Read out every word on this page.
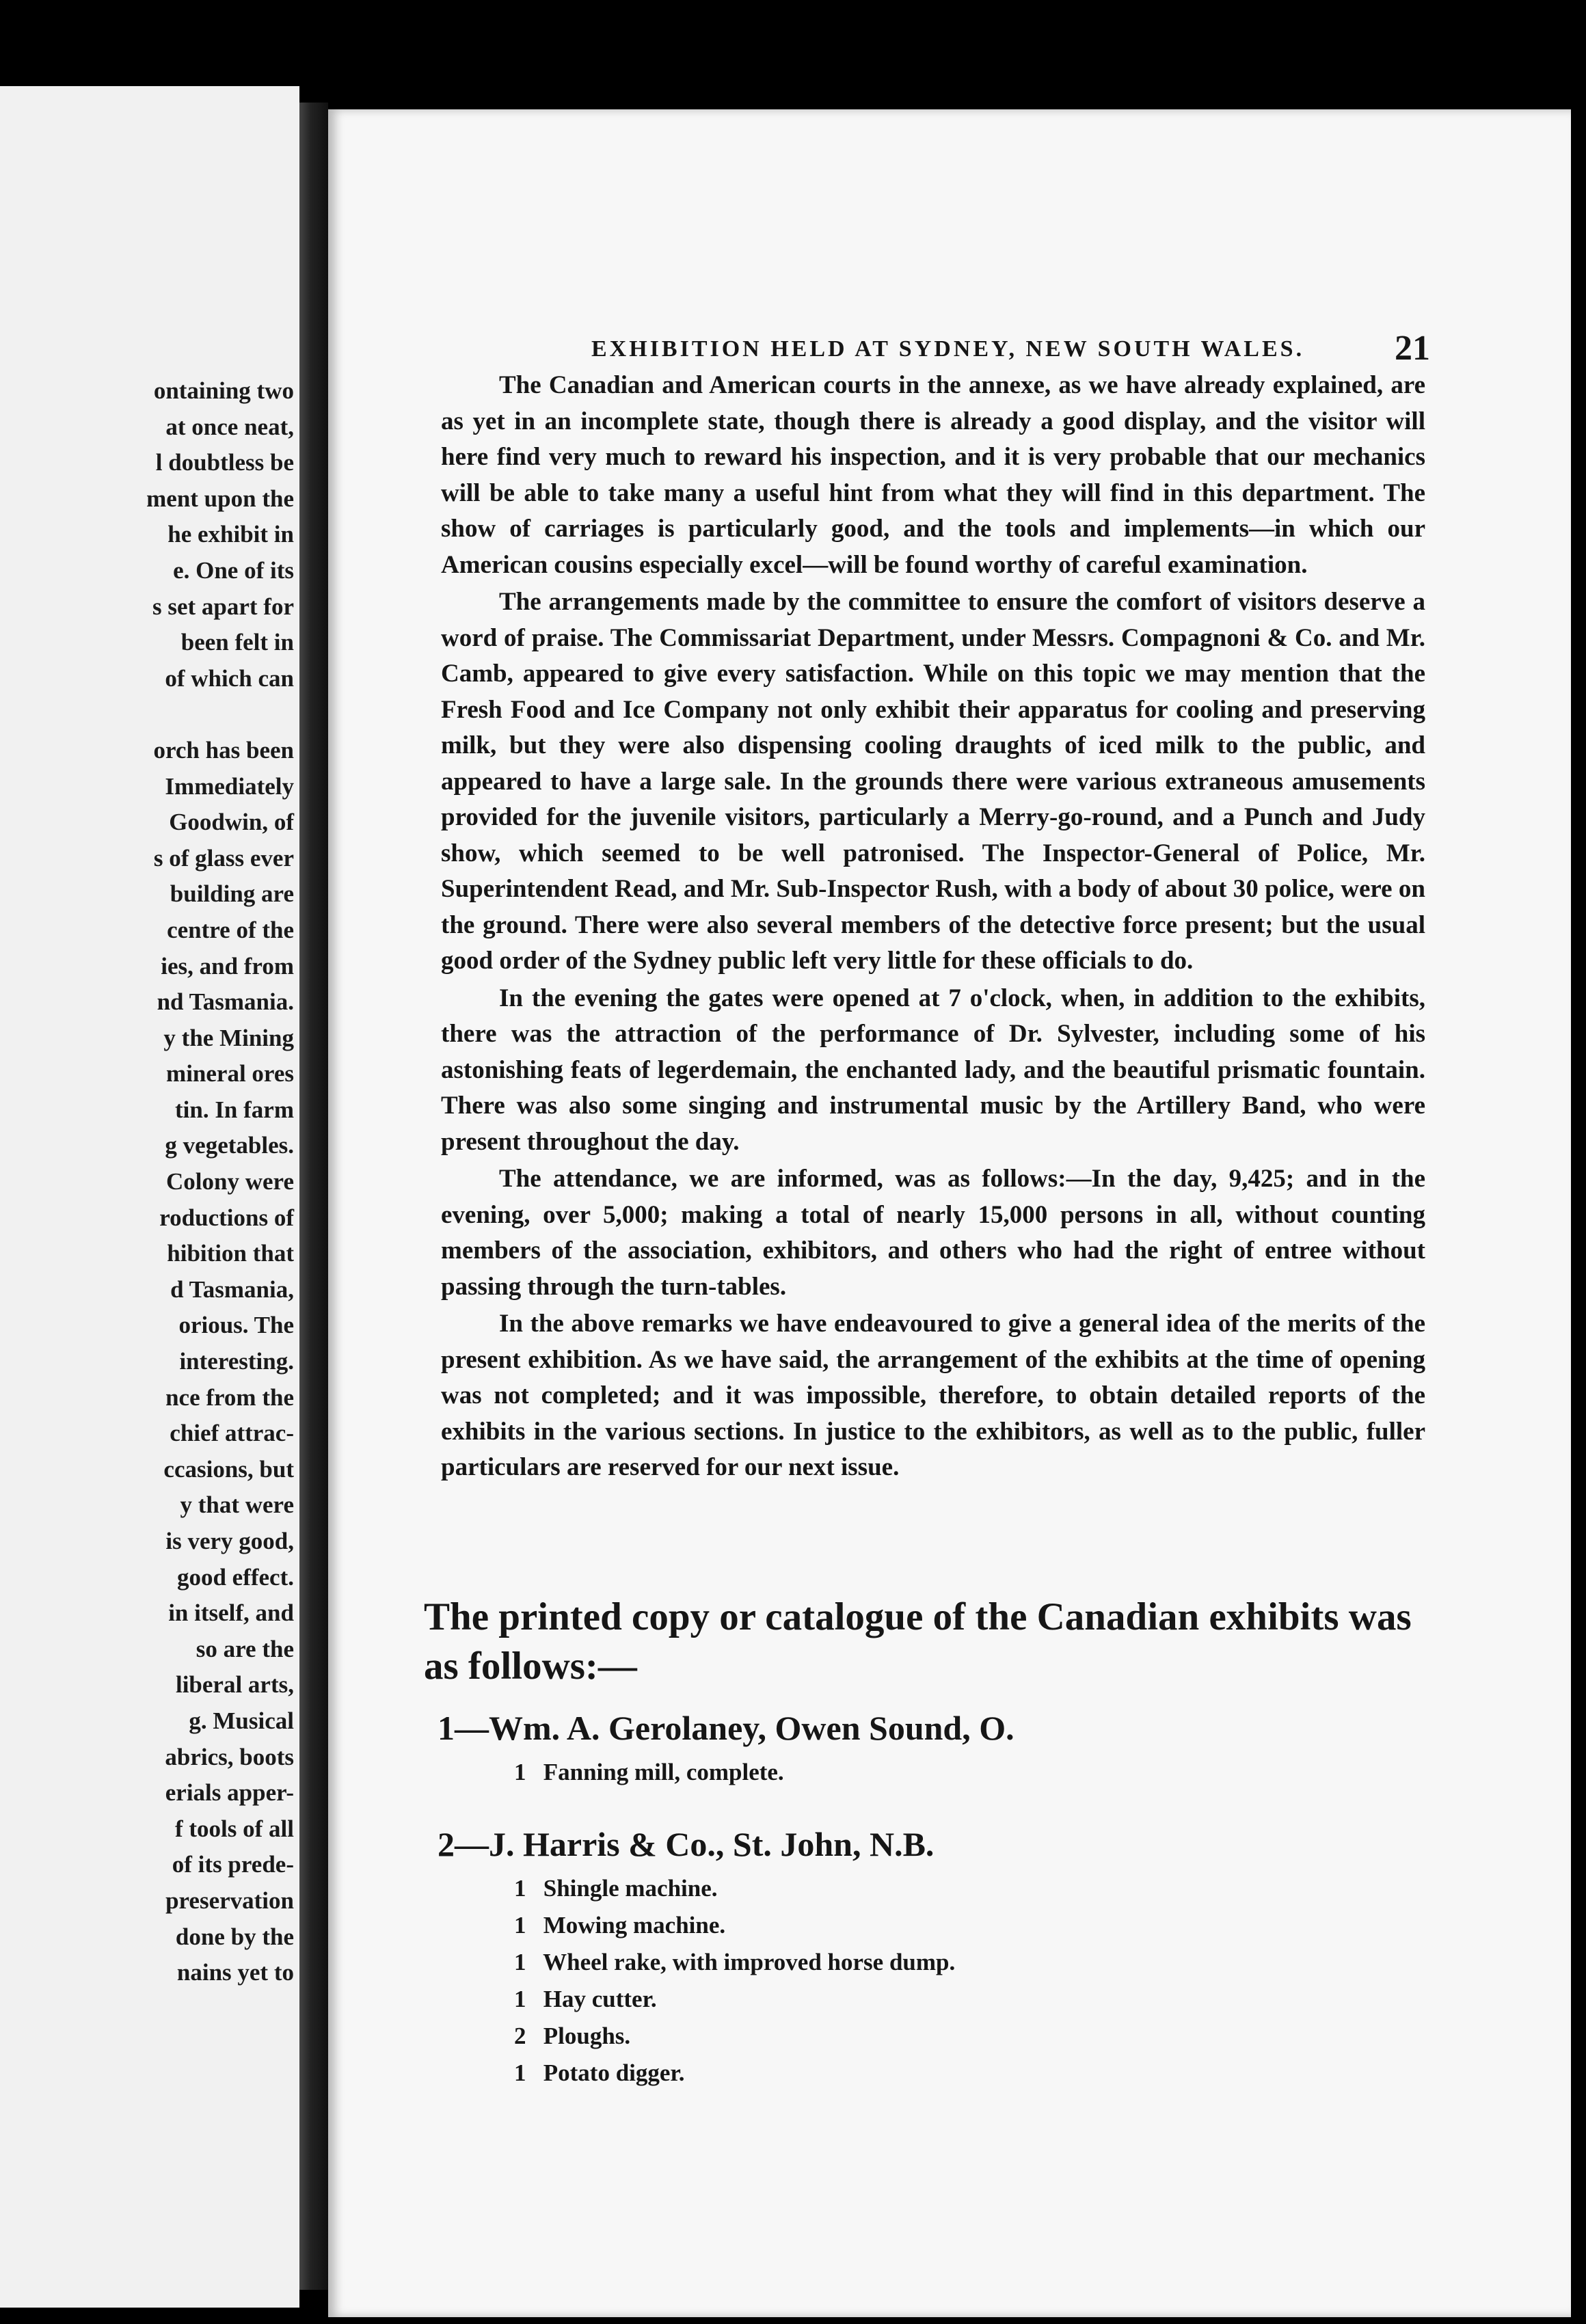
ontaining two
at once neat,
l doubtless be
ment upon the
he exhibit in
e. One of its
s set apart for
been felt in
of which can
orch has been
Immediately
Goodwin, of
s of glass ever
building are
centre of the
ies, and from
nd Tasmania.
y the Mining
mineral ores
tin. In farm
g vegetables.
Colony were
roductions of
hibition that
d Tasmania,
orious. The
interesting.
nce from the
chief attrac-
ccasions, but
y that were
is very good,
good effect.
in itself, and
so are the
liberal arts,
g. Musical
abrics, boots
erials apper-
f tools of all
of its prede-
preservation
done by the
nains yet to
EXHIBITION HELD AT SYDNEY, NEW SOUTH WALES.	21

The Canadian and American courts in the annexe, as we have already explained, are as yet in an incomplete state, though there is already a good display, and the visitor will here find very much to reward his inspection, and it is very probable that our mechanics will be able to take many a useful hint from what they will find in this department. The show of carriages is particularly good, and the tools and implements—in which our American cousins especially excel—will be found worthy of careful examination.

The arrangements made by the committee to ensure the comfort of visitors deserve a word of praise. The Commissariat Department, under Messrs. Compagnoni & Co. and Mr. Camb, appeared to give every satisfaction. While on this topic we may mention that the Fresh Food and Ice Company not only exhibit their apparatus for cooling and preserving milk, but they were also dispensing cooling draughts of iced milk to the public, and appeared to have a large sale. In the grounds there were various extraneous amusements provided for the juvenile visitors, particularly a Merry-go-round, and a Punch and Judy show, which seemed to be well patronised. The Inspector-General of Police, Mr. Superintendent Read, and Mr. Sub-Inspector Rush, with a body of about 30 police, were on the ground. There were also several members of the detective force present; but the usual good order of the Sydney public left very little for these officials to do.

In the evening the gates were opened at 7 o'clock, when, in addition to the exhibits, there was the attraction of the performance of Dr. Sylvester, including some of his astonishing feats of legerdemain, the enchanted lady, and the beautiful prismatic fountain. There was also some singing and instrumental music by the Artillery Band, who were present throughout the day.

The attendance, we are informed, was as follows:—In the day, 9,425; and in the evening, over 5,000; making a total of nearly 15,000 persons in all, without counting members of the association, exhibitors, and others who had the right of entree without passing through the turn-tables.

In the above remarks we have endeavoured to give a general idea of the merits of the present exhibition. As we have said, the arrangement of the exhibits at the time of opening was not completed; and it was impossible, therefore, to obtain detailed reports of the exhibits in the various sections. In justice to the exhibitors, as well as to the public, fuller particulars are reserved for our next issue.

The printed copy or catalogue of the Canadian exhibits was as follows:—

1—Wm. A. Gerolaney, Owen Sound, O.

1 Fanning mill, complete.

2—J. Harris & Co., St. John, N.B.

1 Shingle machine.
1 Mowing machine.
1 Wheel rake, with improved horse dump.
1 Hay cutter.
2 Ploughs.
1 Potato digger.
